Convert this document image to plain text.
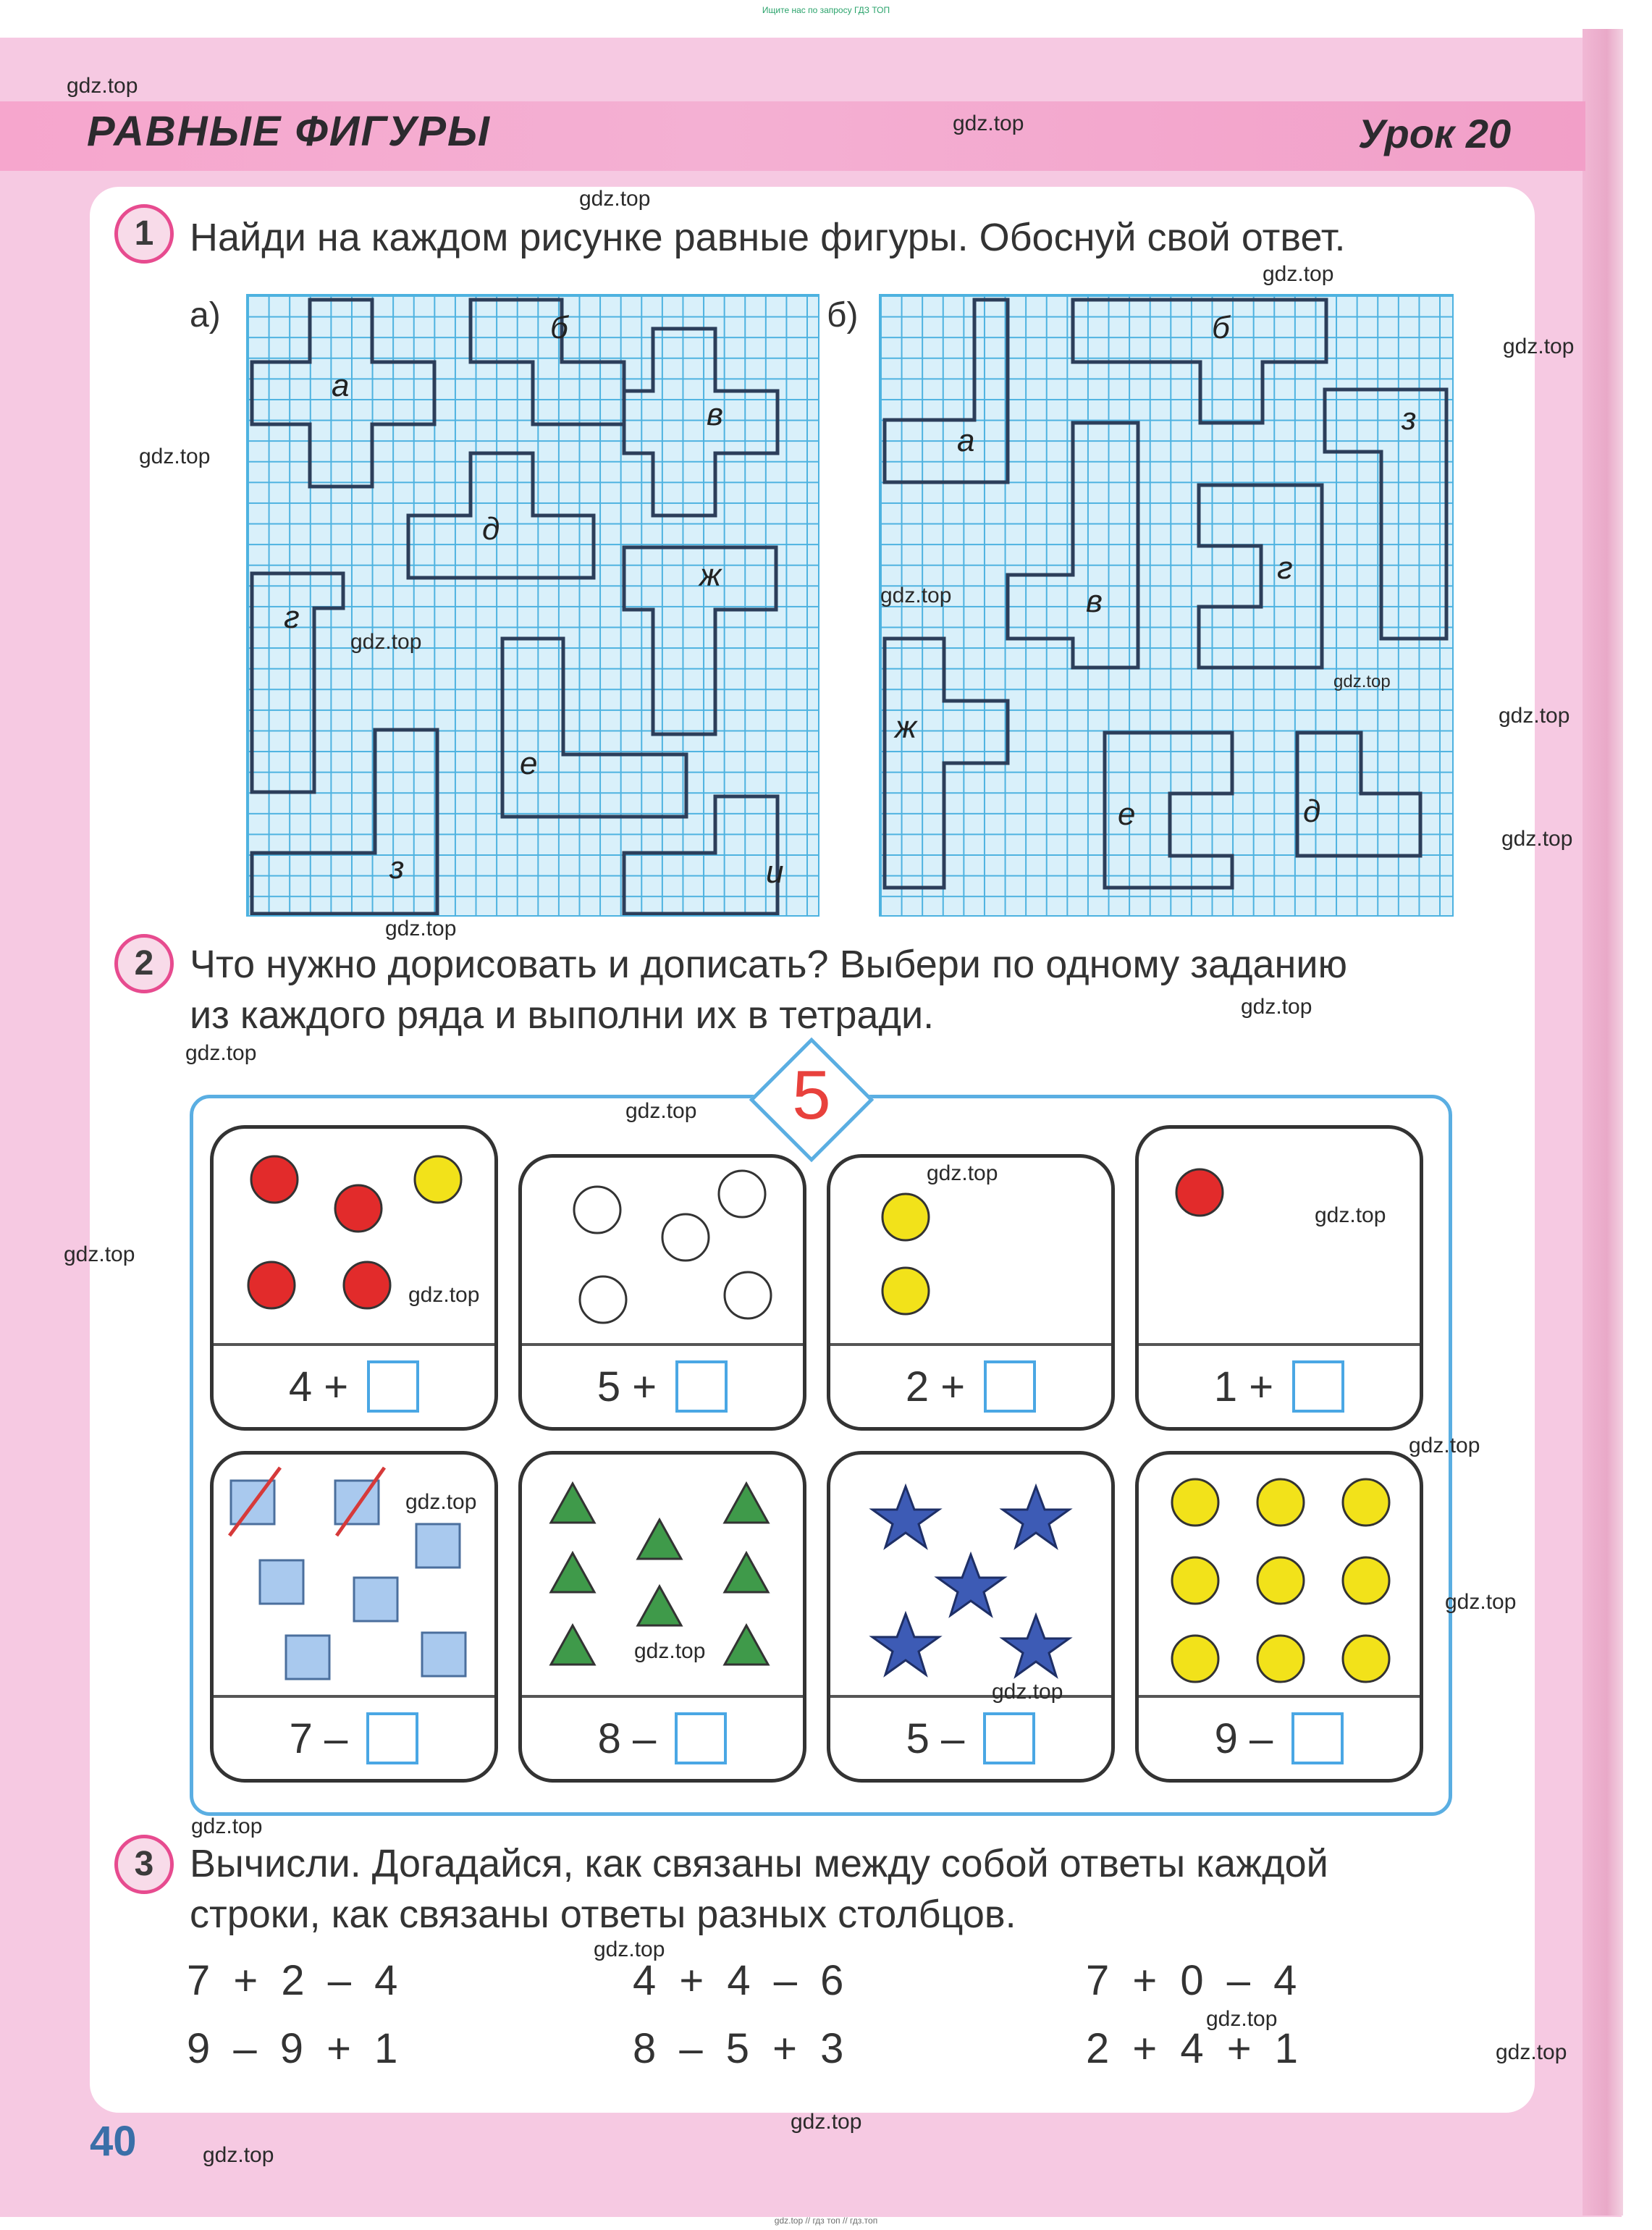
Ищите нас по запросу ГДЗ ТОП
РАВНЫЕ ФИГУРЫ	Урок 20
1 Найди на каждом рисунке равные фигуры. Обоснуй свой ответ.
а)	б)
а
б
в
д
г
ж
е
з	и
а
б
з
в
г
ж
е	д
2 Что нужно дорисовать и дописать? Выбери по одному заданию
из каждого ряда и выполни их в тетради.
5
4 +	5 +	2 +	1 +
7 –	8 –	5 –	9 –
3 Вычисли. Догадайся, как связаны между собой ответы каждой
строки, как связаны ответы разных столбцов.
7 + 2 – 4	4 + 4 – 6	7 + 0 – 4
9 – 9 + 1	8 – 5 + 3	2 + 4 + 1
40
gdz.top
gdz.top
gdz.top
gdz.top
gdz.top
gdz.top
gdz.top
gdz.top
gdz.top
gdz.top
gdz.top
gdz.top
gdz.top
gdz.top
gdz.top
gdz.top
gdz.top
gdz.top
gdz.top
gdz.top
gdz.top
gdz.top
gdz.top
gdz.top
gdz.top
gdz.top
gdz.top
gdz.top
gdz.top
gdz.top
gdz.top // гдз топ // гдз.топ
